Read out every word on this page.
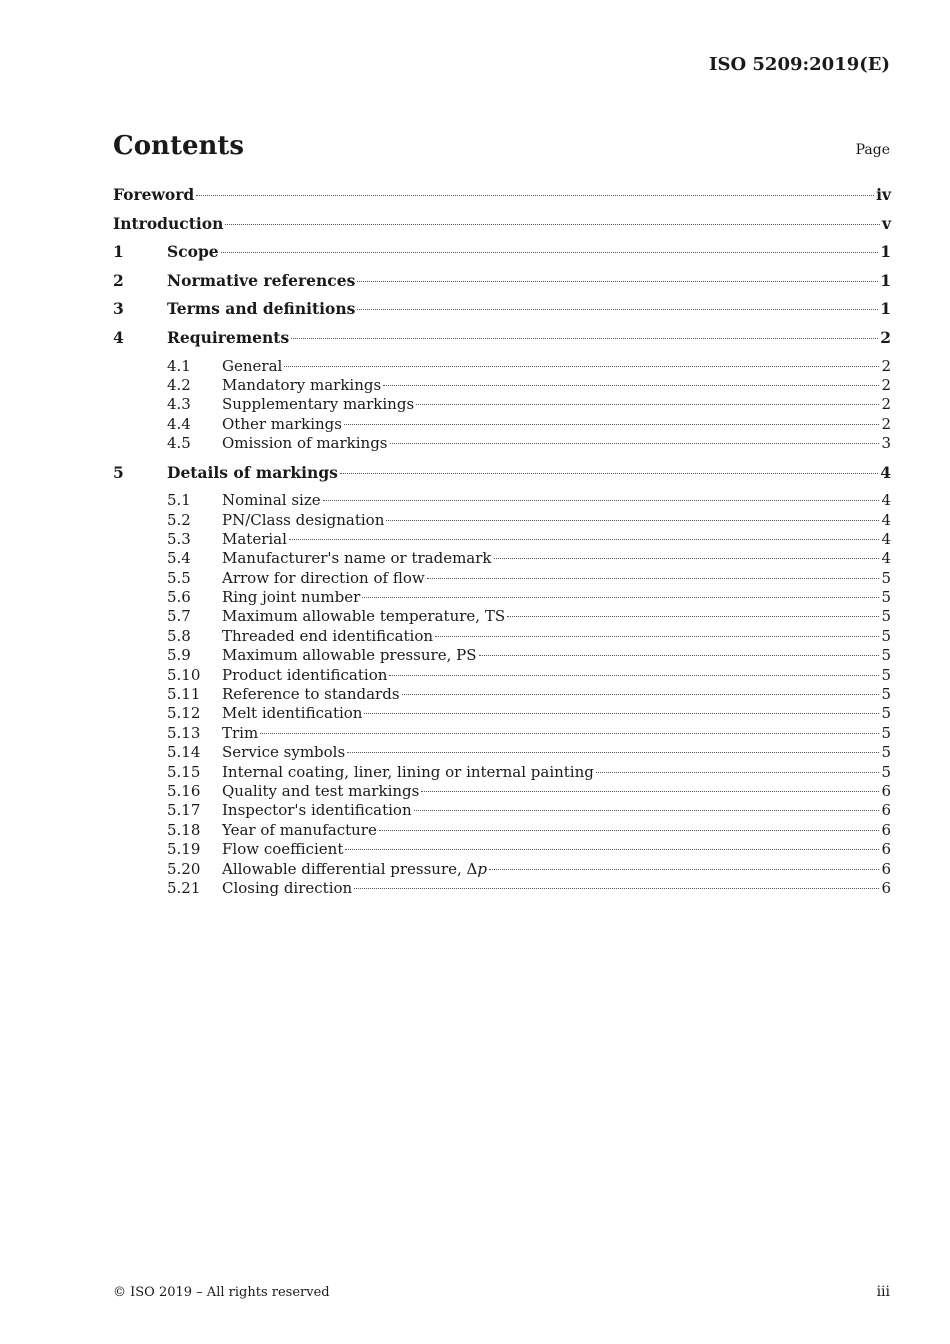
ISO 5209:2019(E)
Contents	Page
Foreword	iv
Introduction	v
1	Scope	1
2	Normative references	1
3	Terms and definitions	1
4	Requirements	2
4.1	General	2
4.2	Mandatory markings	2
4.3	Supplementary markings	2
4.4	Other markings	2
4.5	Omission of markings	3
5	Details of markings	4
5.1	Nominal size	4
5.2	PN/Class designation	4
5.3	Material	4
5.4	Manufacturer's name or trademark	4
5.5	Arrow for direction of flow	5
5.6	Ring joint number	5
5.7	Maximum allowable temperature, TS	5
5.8	Threaded end identification	5
5.9	Maximum allowable pressure, PS	5
5.10	Product identification	5
5.11	Reference to standards	5
5.12	Melt identification	5
5.13	Trim	5
5.14	Service symbols	5
5.15	Internal coating, liner, lining or internal painting	5
5.16	Quality and test markings	6
5.17	Inspector's identification	6
5.18	Year of manufacture	6
5.19	Flow coefficient	6
5.20	Allowable differential pressure, Δp	6
5.21	Closing direction	6
© ISO 2019 – All rights reserved	iii
